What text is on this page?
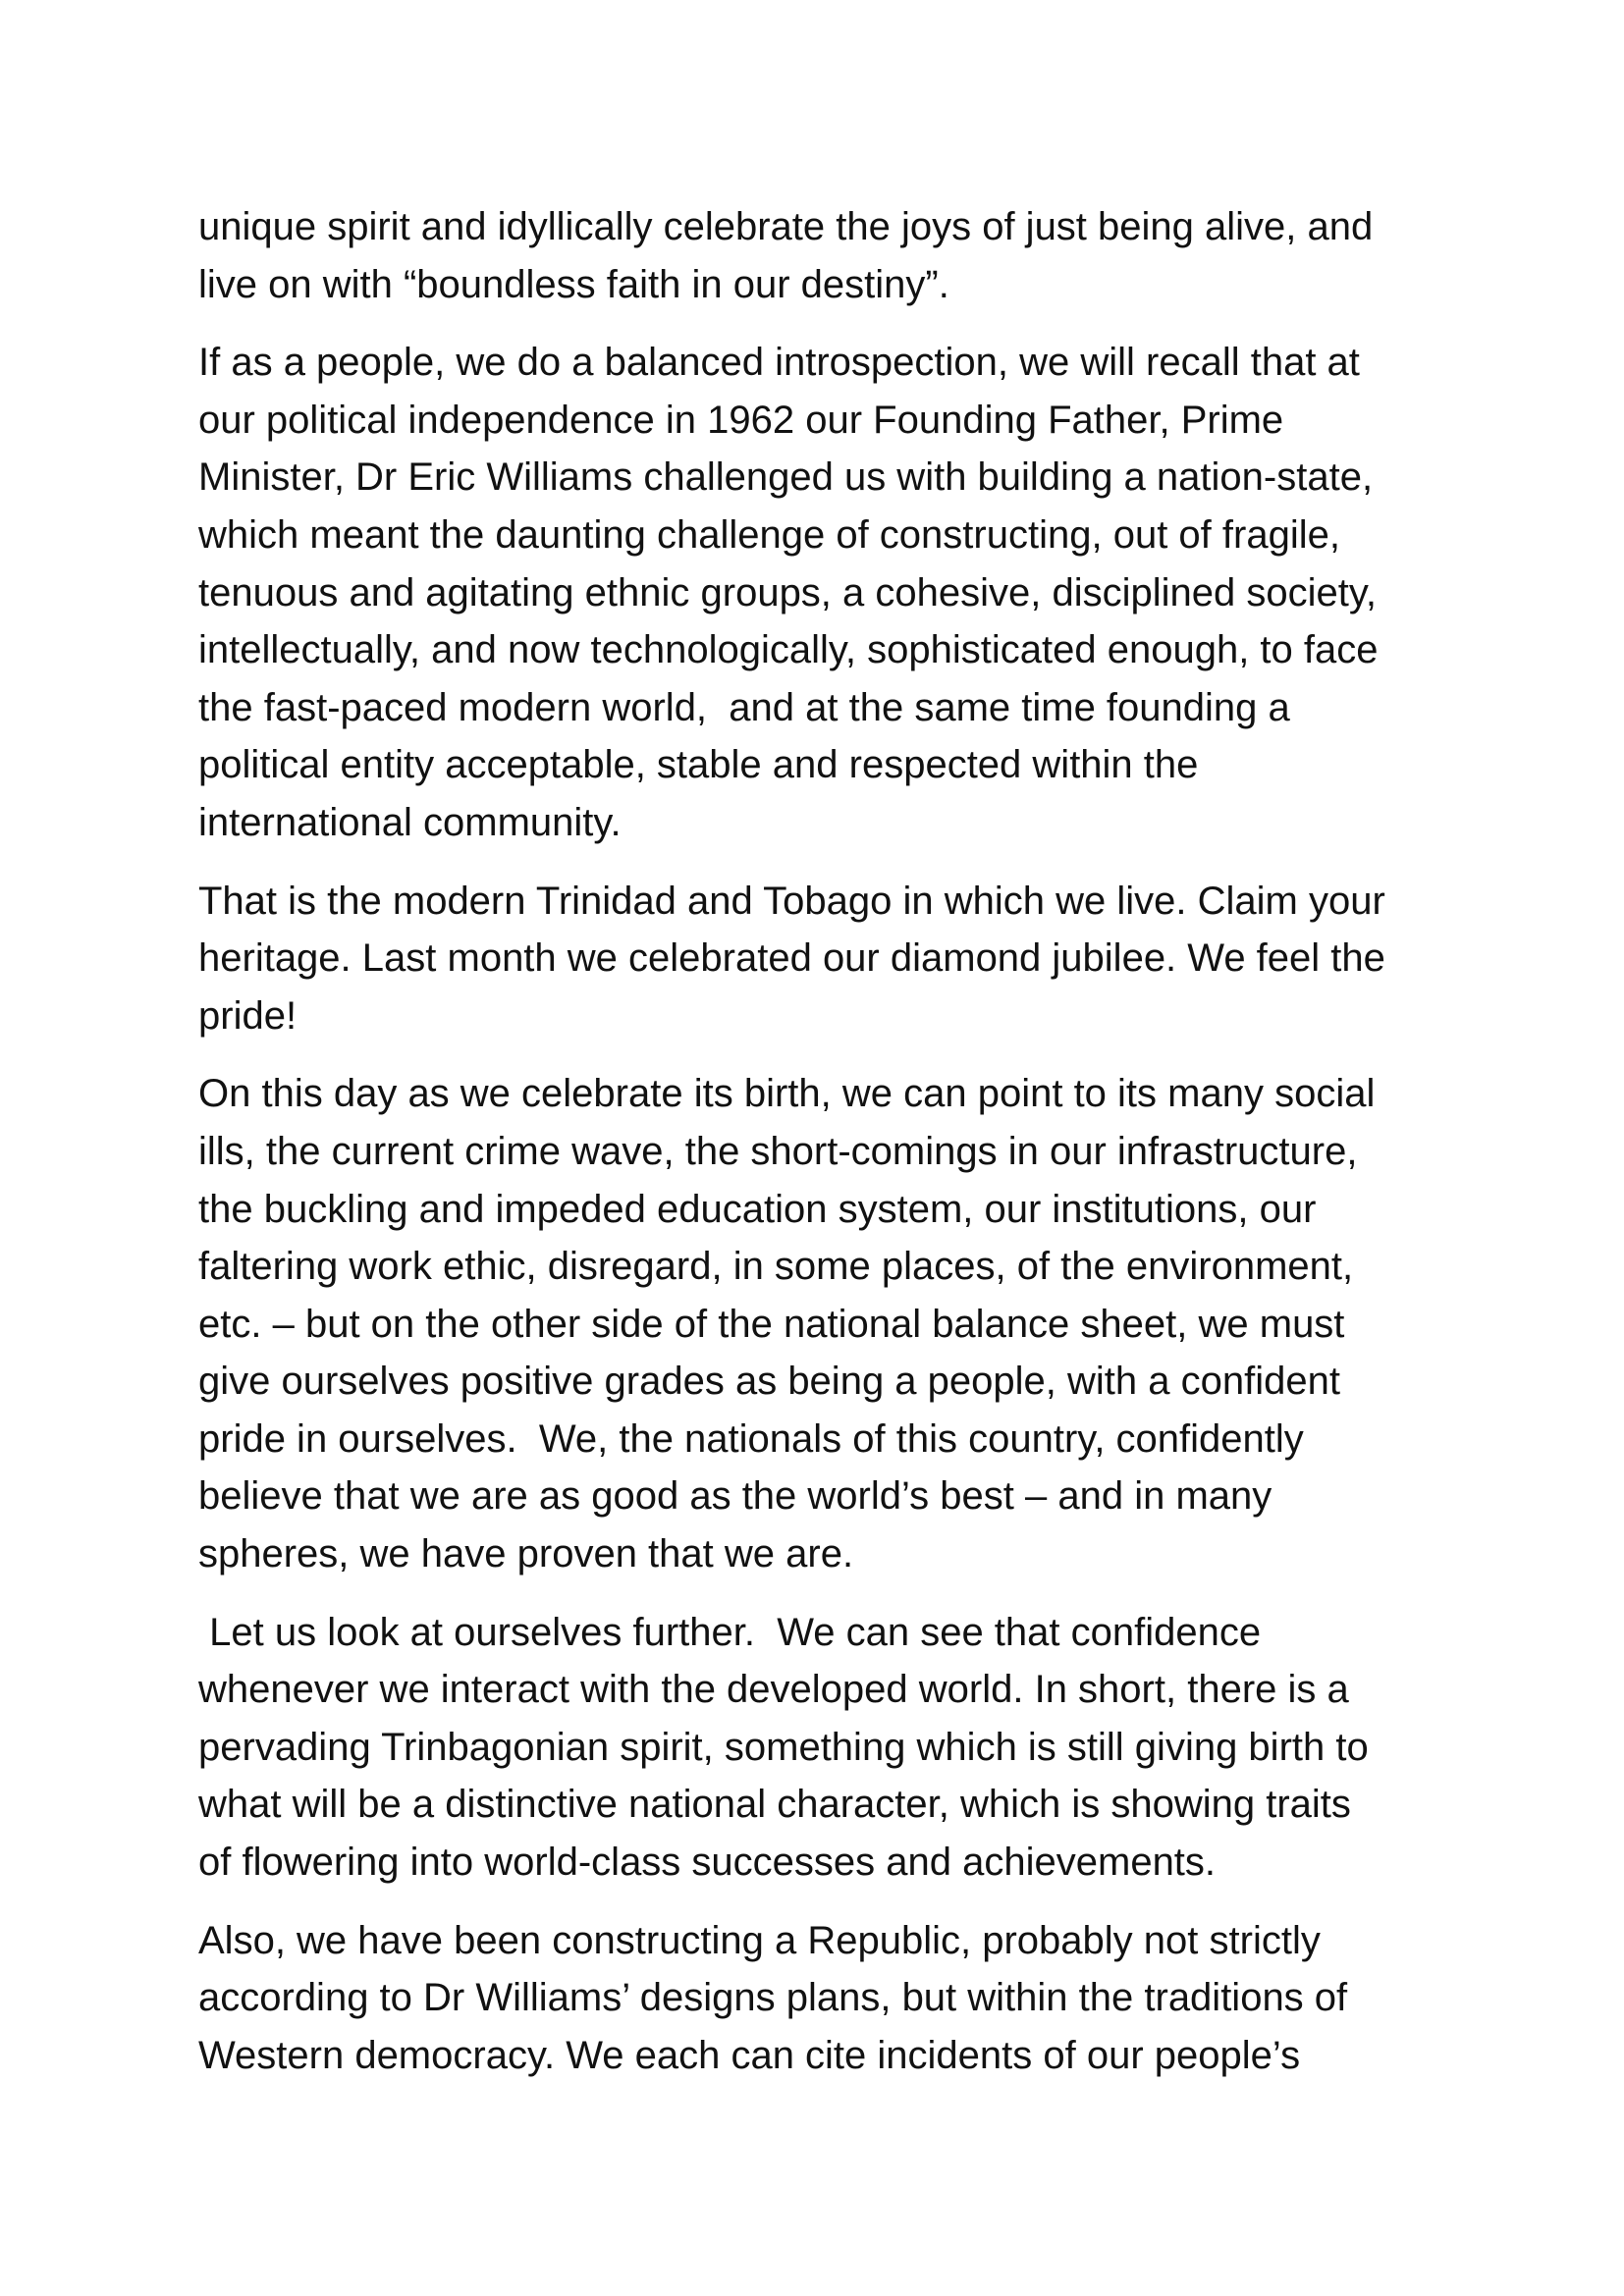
unique spirit and idyllically celebrate the joys of just being alive, and
live on with “boundless faith in our destiny”.

If as a people, we do a balanced introspection, we will recall that at
our political independence in 1962 our Founding Father, Prime
Minister, Dr Eric Williams challenged us with building a nation-state,
which meant the daunting challenge of constructing, out of fragile,
tenuous and agitating ethnic groups, a cohesive, disciplined society,
intellectually, and now technologically, sophisticated enough, to face
the fast-paced modern world,  and at the same time founding a
political entity acceptable, stable and respected within the
international community.

That is the modern Trinidad and Tobago in which we live. Claim your
heritage. Last month we celebrated our diamond jubilee. We feel the
pride!

On this day as we celebrate its birth, we can point to its many social
ills, the current crime wave, the short-comings in our infrastructure,
the buckling and impeded education system, our institutions, our
faltering work ethic, disregard, in some places, of the environment,
etc. – but on the other side of the national balance sheet, we must
give ourselves positive grades as being a people, with a confident
pride in ourselves.  We, the nationals of this country, confidently
believe that we are as good as the world’s best – and in many
spheres, we have proven that we are.

Let us look at ourselves further.  We can see that confidence
whenever we interact with the developed world. In short, there is a
pervading Trinbagonian spirit, something which is still giving birth to
what will be a distinctive national character, which is showing traits
of flowering into world-class successes and achievements.

Also, we have been constructing a Republic, probably not strictly
according to Dr Williams’ designs plans, but within the traditions of
Western democracy. We each can cite incidents of our people’s
